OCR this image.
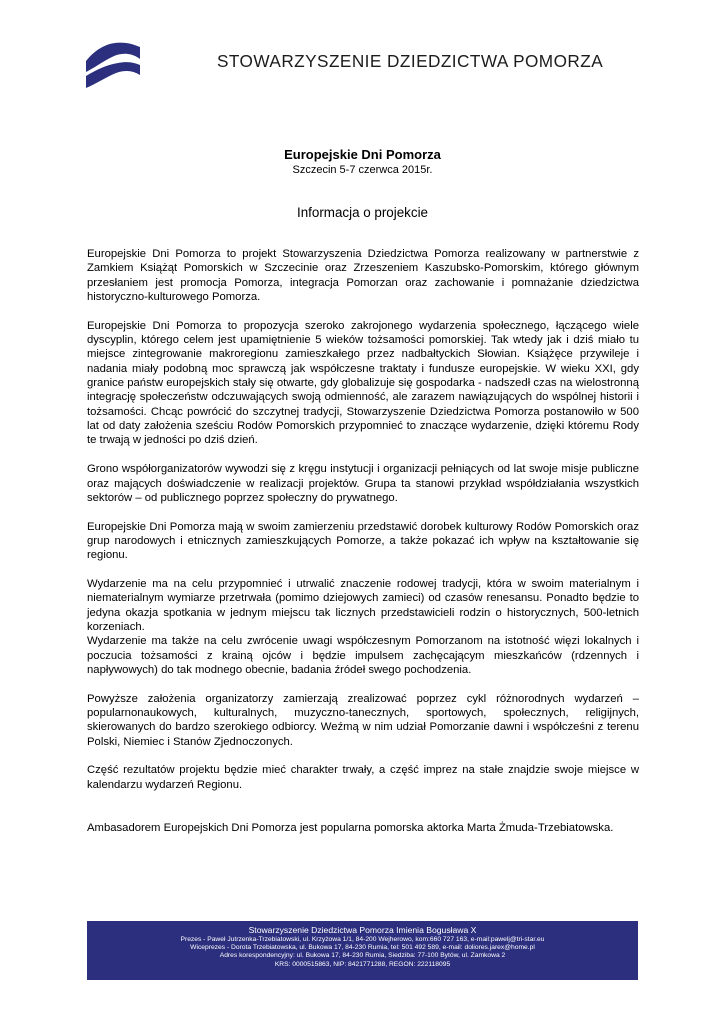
STOWARZYSZENIE DZIEDZICTWA POMORZA
Europejskie Dni Pomorza
Szczecin 5-7 czerwca 2015r.
Informacja o projekcie

Europejskie Dni Pomorza to projekt Stowarzyszenia Dziedzictwa Pomorza realizowany w partnerstwie z Zamkiem Książąt Pomorskich w Szczecinie oraz Zrzeszeniem Kaszubsko-Pomorskim, którego głównym przesłaniem jest promocja Pomorza, integracja Pomorzan oraz zachowanie i pomnażanie dziedzictwa historyczno-kulturowego Pomorza.

Europejskie Dni Pomorza to propozycja szeroko zakrojonego wydarzenia społecznego, łączącego wiele dyscyplin, którego celem jest upamiętnienie 5 wieków tożsamości pomorskiej. Tak wtedy jak i dziś miało tu miejsce zintegrowanie makroregionu zamieszkałego przez nadbałtyckich Słowian. Książęce przywileje i nadania miały podobną moc sprawczą jak współczesne traktaty i fundusze europejskie. W wieku XXI, gdy granice państw europejskich stały się otwarte, gdy globalizuje się gospodarka - nadszedł czas na wielostronną integrację społeczeństw odczuwających swoją odmienność, ale zarazem nawiązujących do wspólnej historii i tożsamości. Chcąc powrócić do szczytnej tradycji, Stowarzyszenie Dziedzictwa Pomorza postanowiło w 500 lat od daty założenia sześciu Rodów Pomorskich przypomnieć to znaczące wydarzenie, dzięki któremu Rody te trwają w jedności po dziś dzień.

Grono współorganizatorów wywodzi się z kręgu instytucji i organizacji pełniących od lat swoje misje publiczne oraz mających doświadczenie w realizacji projektów. Grupa ta stanowi przykład współdziałania wszystkich sektorów – od publicznego poprzez społeczny do prywatnego.

Europejskie Dni Pomorza mają w swoim zamierzeniu przedstawić dorobek kulturowy Rodów Pomorskich oraz grup narodowych i etnicznych zamieszkujących Pomorze, a także pokazać ich wpływ na kształtowanie się regionu.

Wydarzenie ma na celu przypomnieć i utrwalić znaczenie rodowej tradycji, która w swoim materialnym i niematerialnym wymiarze przetrwała (pomimo dziejowych zamieci) od czasów renesansu. Ponadto będzie to jedyna okazja spotkania w jednym miejscu tak licznych przedstawicieli rodzin o historycznych, 500-letnich korzeniach.

Wydarzenie ma także na celu zwrócenie uwagi współczesnym Pomorzanom na istotność więzi lokalnych i poczucia tożsamości z krainą ojców i będzie impulsem zachęcającym mieszkańców (rdzennych i napływowych) do tak modnego obecnie, badania źródeł swego pochodzenia.

Powyższe założenia organizatorzy zamierzają zrealizować poprzez cykl różnorodnych wydarzeń – popularnonaukowych, kulturalnych, muzyczno-tanecznych, sportowych, społecznych, religijnych, skierowanych do bardzo szerokiego odbiorcy. Weźmą w nim udział Pomorzanie dawni i współcześni z terenu Polski, Niemiec i Stanów Zjednoczonych.

Część rezultatów projektu będzie mieć charakter trwały, a część imprez na stałe znajdzie swoje miejsce w kalendarzu wydarzeń Regionu.

Ambasadorem Europejskich Dni Pomorza jest popularna pomorska aktorka Marta Żmuda-Trzebiatowska.

Stowarzyszenie Dziedzictwa Pomorza Imienia Bogusława X
Prezes - Paweł Jutrzenka-Trzebiatowski, ul. Krzyżowa 1/1, 84-200 Wejherowo, kom:660 727 163, e-mail:pawelj@tri-star.eu
Wiceprezes - Dorota Trzebiatowska, ul. Bukowa 17, 84-230 Rumia, tel: 501 492 589, e-mail: doliores.jarex@home.pl
Adres korespondencyjny: ul. Bukowa 17, 84-230 Rumia, Siedziba: 77-100 Bytów, ul. Zamkowa 2
KRS: 0000515863, NIP: 8421771288, REGON: 222118095
